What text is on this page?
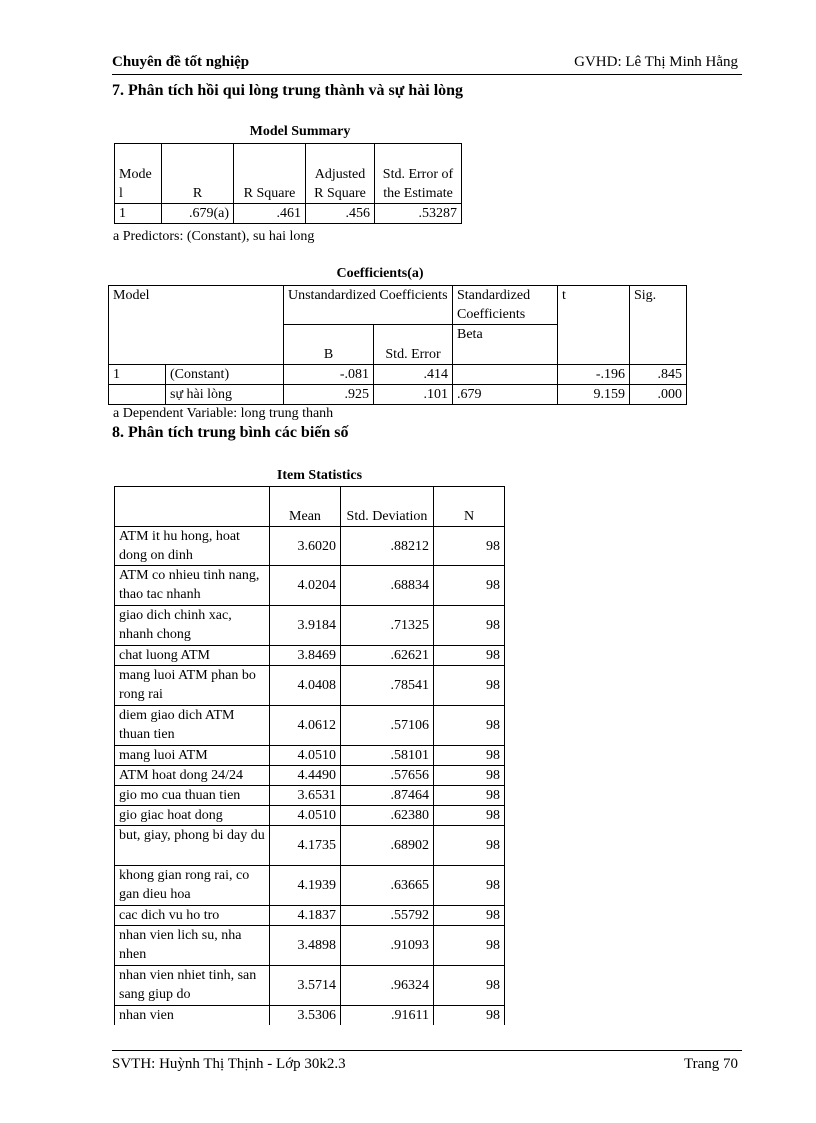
Chuyên đề tốt nghiệp	GVHD: Lê Thị Minh Hằng
7. Phân tích hồi qui lòng trung thành và sự hài lòng
Model Summary
Mode l	R	R Square	Adjusted R Square	Std. Error of the Estimate
1	.679(a)	.461	.456	.53287
a Predictors: (Constant), su hai long
Coefficients(a)
Model		Unstandardized Coefficients		Standardized Coefficients	t	Sig.
		B	Std. Error	Beta		
1	(Constant)	-.081	.414		-.196	.845
	sự hài lòng	.925	.101	.679	9.159	.000
a Dependent Variable: long trung thanh
8. Phân tích trung bình các biến số
Item Statistics
	Mean	Std. Deviation	N
ATM it hu hong, hoat dong on dinh	3.6020	.88212	98
ATM co nhieu tinh nang, thao tac nhanh	4.0204	.68834	98
giao dich chinh xac, nhanh chong	3.9184	.71325	98
chat luong ATM	3.8469	.62621	98
mang luoi ATM phan bo rong rai	4.0408	.78541	98
diem giao dich ATM thuan tien	4.0612	.57106	98
mang luoi ATM	4.0510	.58101	98
ATM hoat dong 24/24	4.4490	.57656	98
gio mo cua thuan tien	3.6531	.87464	98
gio giac hoat dong	4.0510	.62380	98
but, giay, phong bi day du	4.1735	.68902	98
khong gian rong rai, co gan dieu hoa	4.1939	.63665	98
cac dich vu ho tro	4.1837	.55792	98
nhan vien lich su, nha nhen	3.4898	.91093	98
nhan vien nhiet tinh, san sang giup do	3.5714	.96324	98
nhan vien	3.5306	.91611	98
SVTH: Huỳnh Thị Thịnh - Lớp 30k2.3	Trang 70
